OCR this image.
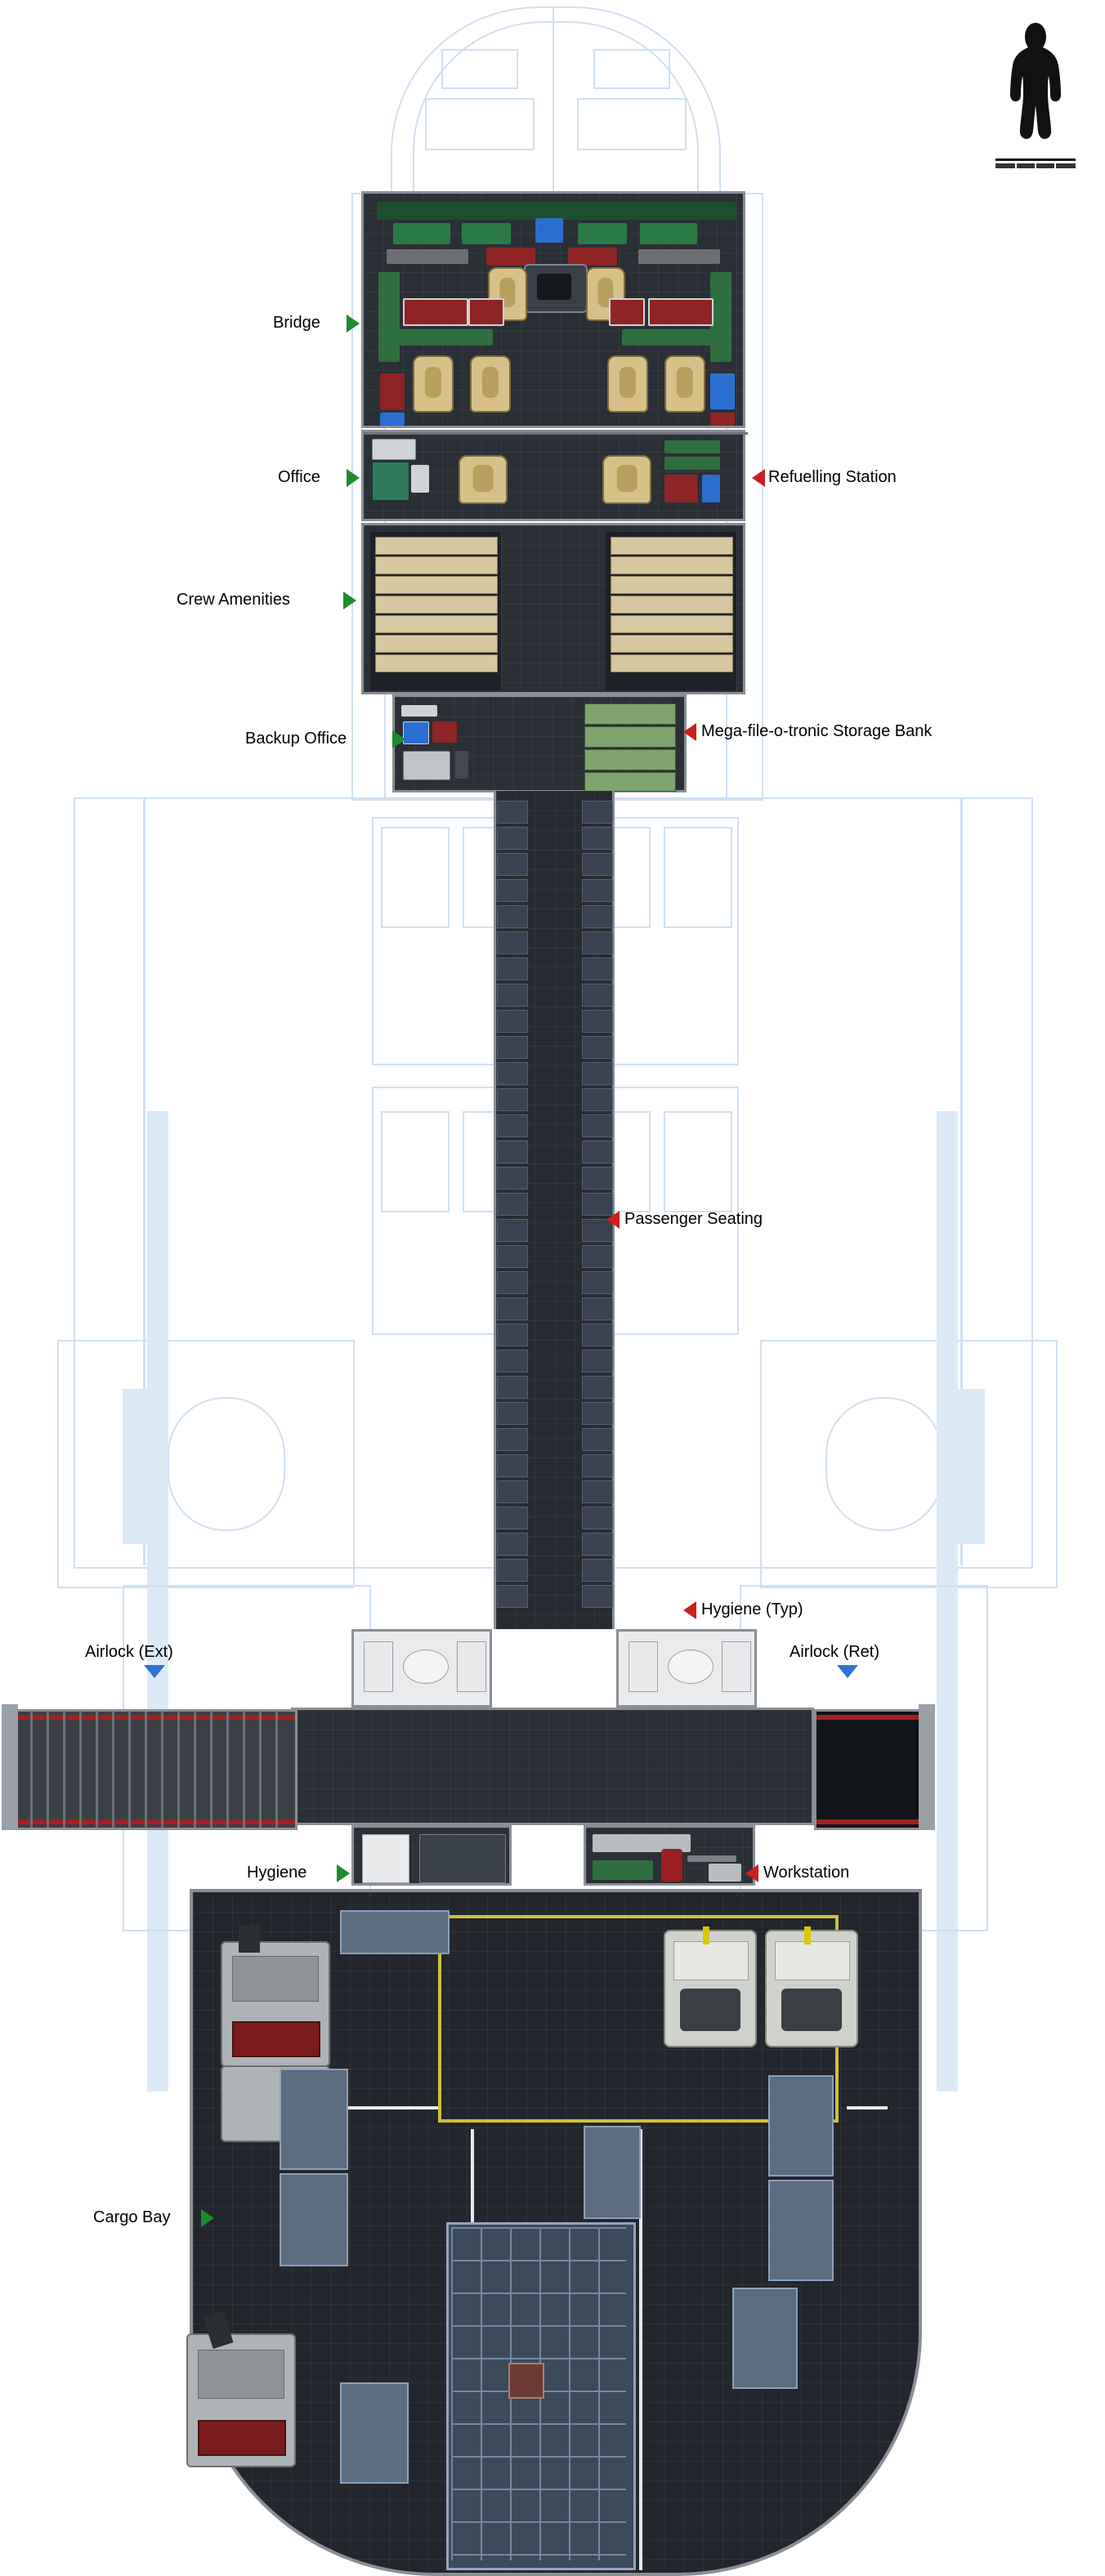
Bridge
Office	Refuelling Station
Crew Amenities
Backup Office	Mega-file-o-tronic Storage Bank
Passenger Seating
Hygiene (Typ)
Airlock (Ext)	Airlock (Ret)
Hygiene	Workstation
Cargo Bay
